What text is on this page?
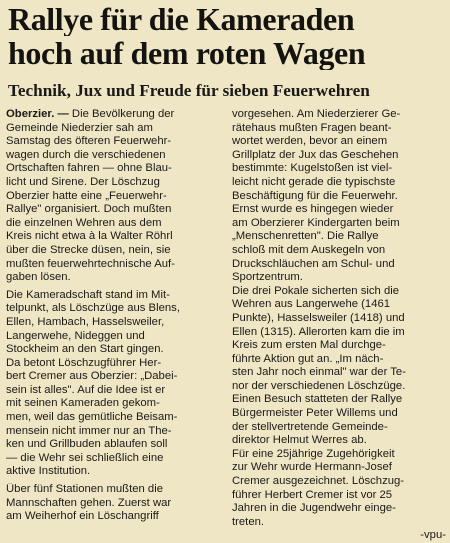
Rallye für die Kameraden
hoch auf dem roten Wagen
Technik, Jux und Freude für sieben Feuerwehren
Oberzier. — Die Bevölkerung der
Gemeinde Niederzier sah am
Samstag des öfteren Feuerwehr-
wagen durch die verschiedenen
Ortschaften fahren — ohne Blau-
licht und Sirene. Der Löschzug
Oberzier hatte eine „Feuerwehr-
Rallye" organisiert. Doch mußten
die einzelnen Wehren aus dem
Kreis nicht etwa à la Walter Röhrl
über die Strecke düsen, nein, sie
mußten feuerwehrtechnische Auf-
gaben lösen.
Die Kameradschaft stand im Mit-
telpunkt, als Löschzüge aus Blens,
Ellen, Hambach, Hasselsweiler,
Langerwehe, Nideggen und
Stockheim an den Start gingen.
Da betont Löschzugführer Her-
bert Cremer aus Oberzier: „Dabei-
sein ist alles". Auf die Idee ist er
mit seinen Kameraden gekom-
men, weil das gemütliche Beisam-
mensein nicht immer nur an The-
ken und Grillbuden ablaufen soll
— die Wehr sei schließlich eine
aktive Institution.
Über fünf Stationen mußten die
Mannschaften gehen. Zuerst war
am Weiherhof ein Löschangriff
vorgesehen. Am Niederzierer Ge-
rätehaus mußten Fragen beant-
wortet werden, bevor an einem
Grillplatz der Jux das Geschehen
bestimmte: Kugelstoßen ist viel-
leicht nicht gerade die typischste
Beschäftigung für die Feuerwehr.
Ernst wurde es hingegen wieder
am Oberzierer Kindergarten beim
„Menschenretten". Die Rallye
schloß mit dem Auskegeln von
Druckschläuchen am Schul- und
Sportzentrum.
Die drei Pokale sicherten sich die
Wehren aus Langerwehe (1461
Punkte), Hasselsweiler (1418) und
Ellen (1315). Allerorten kam die im
Kreis zum ersten Mal durchge-
führte Aktion gut an. „Im näch-
sten Jahr noch einmal" war der Te-
nor der verschiedenen Löschzüge.
Einen Besuch statteten der Rallye
Bürgermeister Peter Willems und
der stellvertretende Gemeinde-
direktor Helmut Werres ab.
Für eine 25jährige Zugehörigkeit
zur Wehr wurde Hermann-Josef
Cremer ausgezeichnet. Löschzug-
führer Herbert Cremer ist vor 25
Jahren in die Jugendwehr einge-
treten.
-vpu-
